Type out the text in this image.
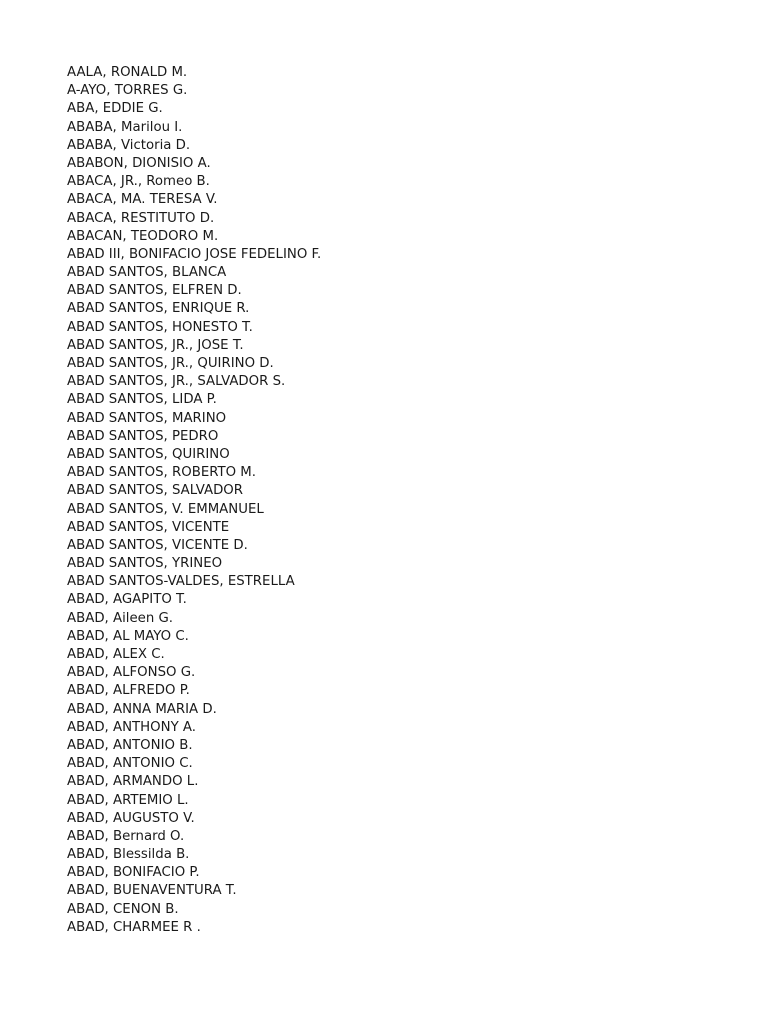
AALA, RONALD M.
A-AYO, TORRES G.
ABA, EDDIE G.
ABABA, Marilou I.
ABABA, Victoria D.
ABABON, DIONISIO A.
ABACA, JR., Romeo B.
ABACA, MA. TERESA V.
ABACA, RESTITUTO D.
ABACAN, TEODORO M.
ABAD III, BONIFACIO JOSE FEDELINO F.
ABAD SANTOS, BLANCA
ABAD SANTOS, ELFREN D.
ABAD SANTOS, ENRIQUE R.
ABAD SANTOS, HONESTO T.
ABAD SANTOS, JR., JOSE T.
ABAD SANTOS, JR., QUIRINO D.
ABAD SANTOS, JR., SALVADOR S.
ABAD SANTOS, LIDA P.
ABAD SANTOS, MARINO
ABAD SANTOS, PEDRO
ABAD SANTOS, QUIRINO
ABAD SANTOS, ROBERTO M.
ABAD SANTOS, SALVADOR
ABAD SANTOS, V. EMMANUEL
ABAD SANTOS, VICENTE
ABAD SANTOS, VICENTE D.
ABAD SANTOS, YRINEO
ABAD SANTOS-VALDES, ESTRELLA
ABAD, AGAPITO T.
ABAD, Aileen G.
ABAD, AL MAYO C.
ABAD, ALEX C.
ABAD, ALFONSO G.
ABAD, ALFREDO P.
ABAD, ANNA MARIA D.
ABAD, ANTHONY A.
ABAD, ANTONIO B.
ABAD, ANTONIO C.
ABAD, ARMANDO L.
ABAD, ARTEMIO L.
ABAD, AUGUSTO V.
ABAD, Bernard O.
ABAD, Blessilda B.
ABAD, BONIFACIO P.
ABAD, BUENAVENTURA T.
ABAD, CENON B.
ABAD, CHARMEE R .
